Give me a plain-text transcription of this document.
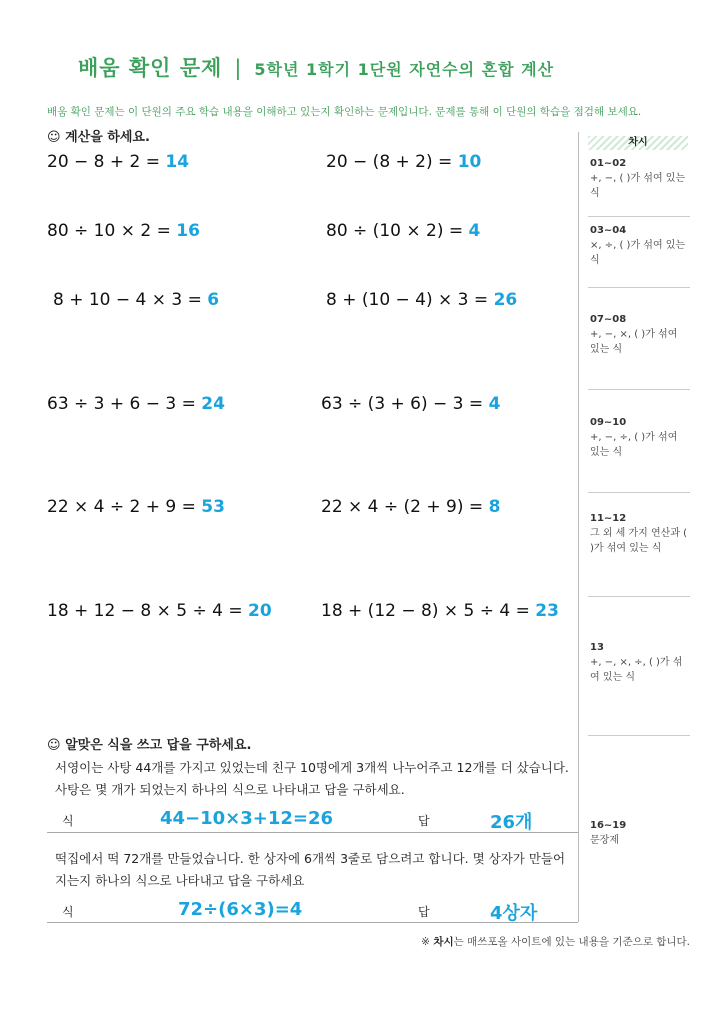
배움 확인 문제 | 5학년 1학기 1단원 자연수의 혼합 계산
배움 확인 문제는 이 단원의 주요 학습 내용을 이해하고 있는지 확인하는 문제입니다. 문제를 통해 이 단원의 학습을 점검해 보세요.
☺ 계산을 하세요.
20 − 8 + 2 = 14	20 − (8 + 2) = 10
80 ÷ 10 × 2 = 16	80 ÷ (10 × 2) = 4
8 + 10 − 4 × 3 = 6	8 + (10 − 4) × 3 = 26
63 ÷ 3 + 6 − 3 = 24	63 ÷ (3 + 6) − 3 = 4
22 × 4 ÷ 2 + 9 = 53	22 × 4 ÷ (2 + 9) = 8
18 + 12 − 8 × 5 ÷ 4 = 20	18 + (12 − 8) × 5 ÷ 4 = 23
☺ 알맞은 식을 쓰고 답을 구하세요.
서영이는 사탕 44개를 가지고 있었는데 친구 10명에게 3개씩 나누어주고 12개를 더 샀습니다. 사탕은 몇 개가 되었는지 하나의 식으로 나타내고 답을 구하세요.
식	44−10×3+12=26	답	26개
떡집에서 떡 72개를 만들었습니다. 한 상자에 6개씩 3줄로 담으려고 합니다. 몇 상자가 만들어지는지 하나의 식으로 나타내고 답을 구하세요
식	72÷(6×3)=4	답	4상자
차시
01~02
+, −, ( )가 섞여 있는 식
03~04
×, ÷, ( )가 섞여 있는 식
07~08
+, −, ×, ( )가 섞여 있는 식
09~10
+, −, ÷, ( )가 섞여 있는 식
11~12
그 외 세 가지 연산과 ( )가 섞여 있는 식
13
+, −, ×, ÷, ( )가 섞여 있는 식
16~19
문장제
※ 차시는 매쓰포올 사이트에 있는 내용을 기준으로 합니다.
